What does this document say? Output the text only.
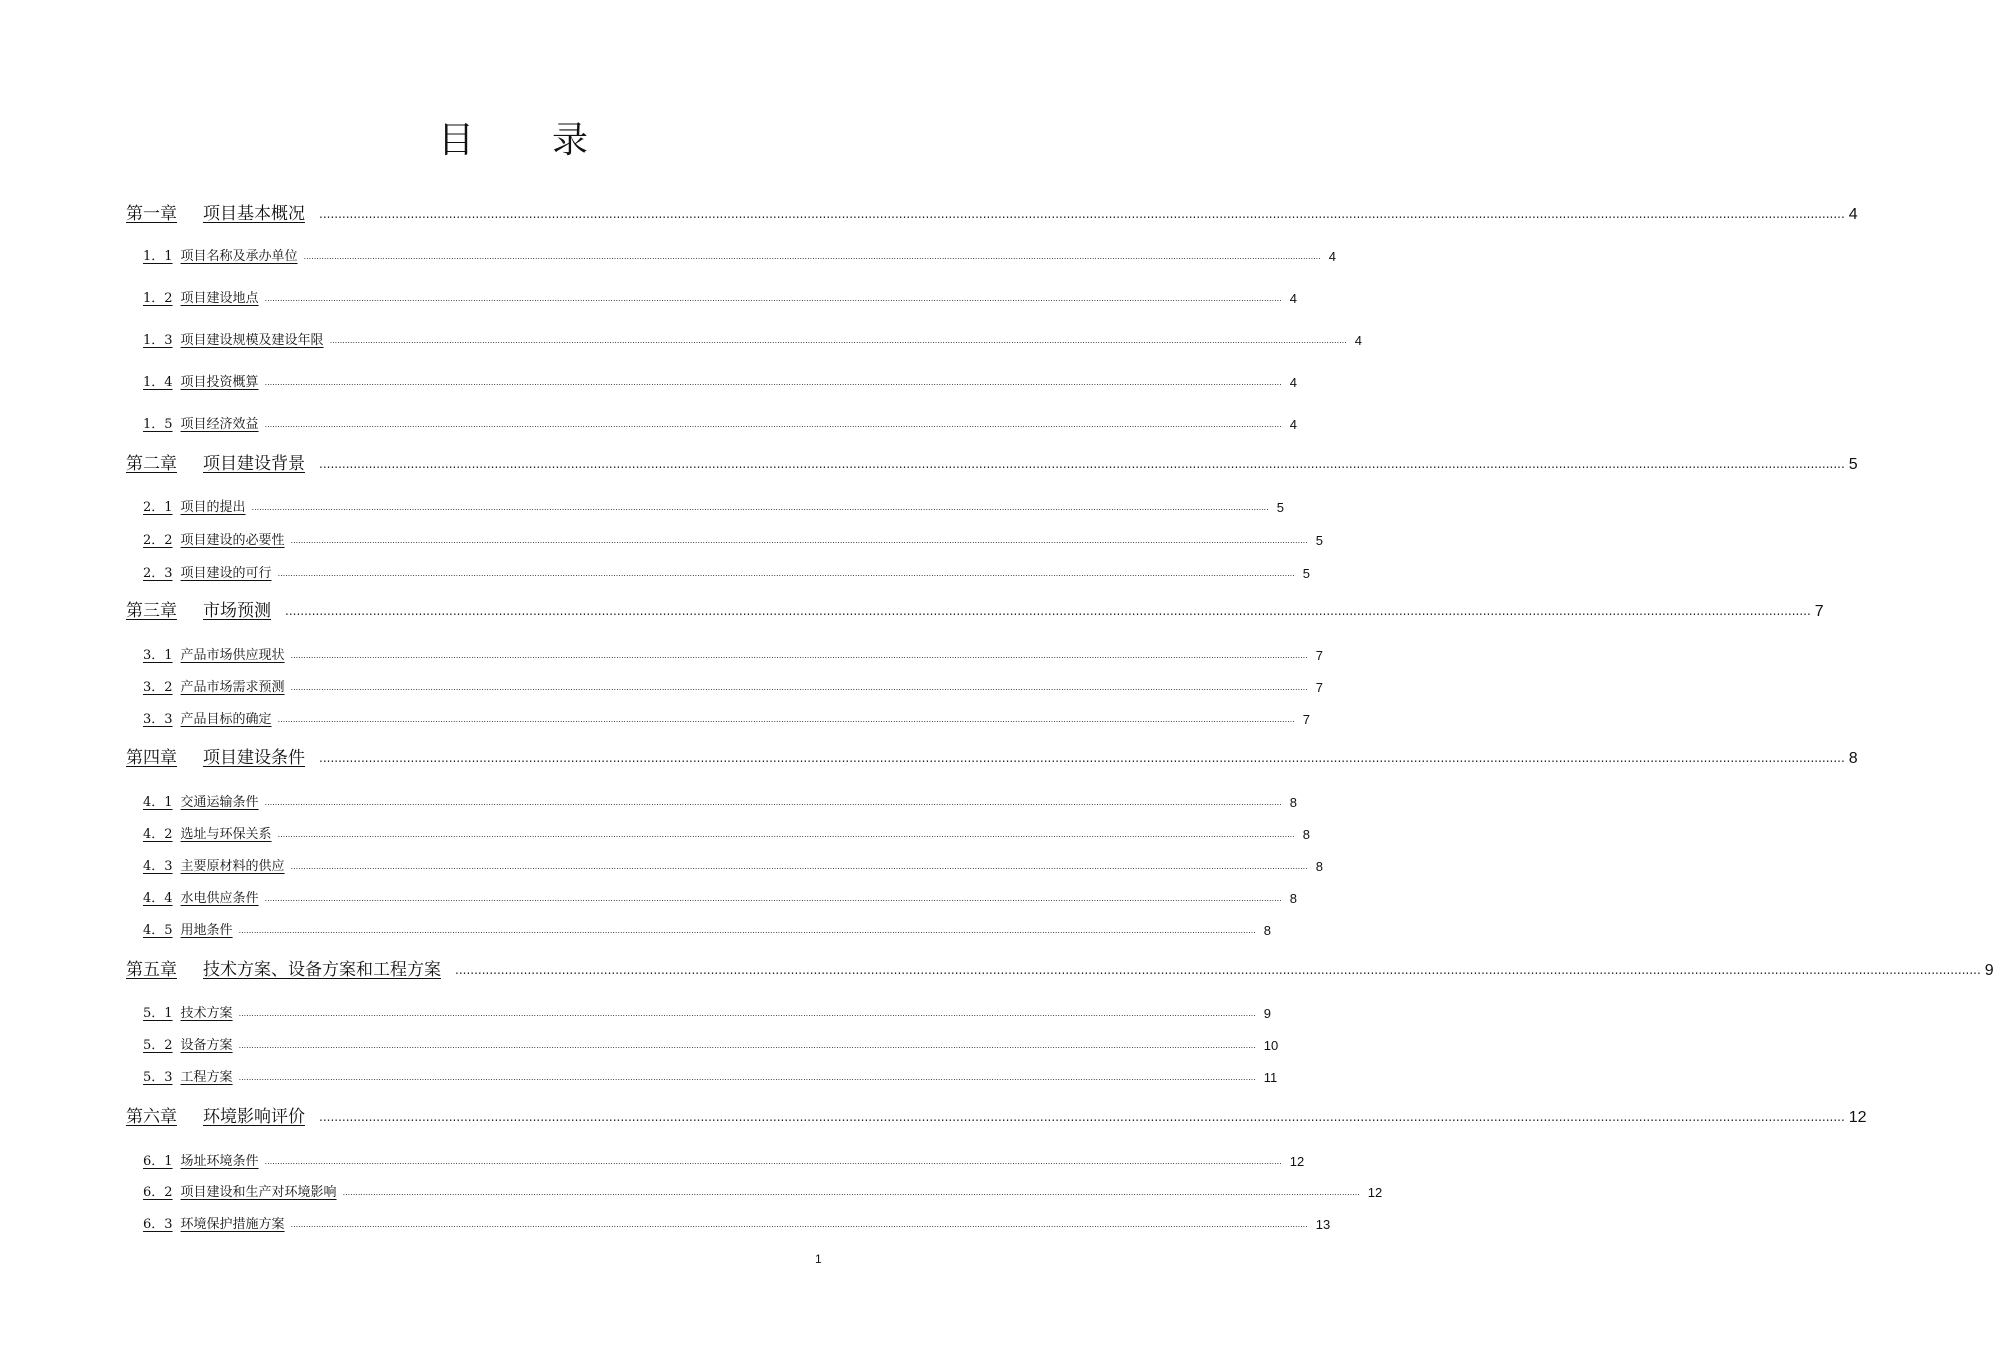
目 录
第一章 项目基本概况 ................................................................................................................................................................................................................................................................................................................................................................................................................ 4
1．1 项目名称及承办单位 ................................................................................................................................................................................................................................................................................................................................................................................................................ 4
1．2 项目建设地点 ................................................................................................................................................................................................................................................................................................................................................................................................................ 4
1．3 项目建设规模及建设年限 ................................................................................................................................................................................................................................................................................................................................................................................................................ 4
1．4 项目投资概算 ................................................................................................................................................................................................................................................................................................................................................................................................................ 4
1．5 项目经济效益 ................................................................................................................................................................................................................................................................................................................................................................................................................ 4
第二章 项目建设背景 ................................................................................................................................................................................................................................................................................................................................................................................................................ 5
2．1 项目的提出 ................................................................................................................................................................................................................................................................................................................................................................................................................ 5
2．2 项目建设的必要性 ................................................................................................................................................................................................................................................................................................................................................................................................................ 5
2．3 项目建设的可行 ................................................................................................................................................................................................................................................................................................................................................................................................................ 5
第三章 市场预测 ................................................................................................................................................................................................................................................................................................................................................................................................................ 7
3．1 产品市场供应现状 ................................................................................................................................................................................................................................................................................................................................................................................................................ 7
3．2 产品市场需求预测 ................................................................................................................................................................................................................................................................................................................................................................................................................ 7
3．3 产品目标的确定 ................................................................................................................................................................................................................................................................................................................................................................................................................ 7
第四章 项目建设条件 ................................................................................................................................................................................................................................................................................................................................................................................................................ 8
4．1 交通运输条件 ................................................................................................................................................................................................................................................................................................................................................................................................................ 8
4．2 选址与环保关系 ................................................................................................................................................................................................................................................................................................................................................................................................................ 8
4．3 主要原材料的供应 ................................................................................................................................................................................................................................................................................................................................................................................................................ 8
4．4 水电供应条件 ................................................................................................................................................................................................................................................................................................................................................................................................................ 8
4．5 用地条件 ................................................................................................................................................................................................................................................................................................................................................................................................................ 8
第五章 技术方案、设备方案和工程方案 ................................................................................................................................................................................................................................................................................................................................................................................................................ 9
5．1 技术方案 ................................................................................................................................................................................................................................................................................................................................................................................................................ 9
5．2 设备方案 ................................................................................................................................................................................................................................................................................................................................................................................................................ 10
5．3 工程方案 ................................................................................................................................................................................................................................................................................................................................................................................................................ 11
第六章 环境影响评价 ................................................................................................................................................................................................................................................................................................................................................................................................................ 12
6．1 场址环境条件 ................................................................................................................................................................................................................................................................................................................................................................................................................ 12
6．2 项目建设和生产对环境影响 ................................................................................................................................................................................................................................................................................................................................................................................................................ 12
6．3 环境保护措施方案 ................................................................................................................................................................................................................................................................................................................................................................................................................ 13
1
